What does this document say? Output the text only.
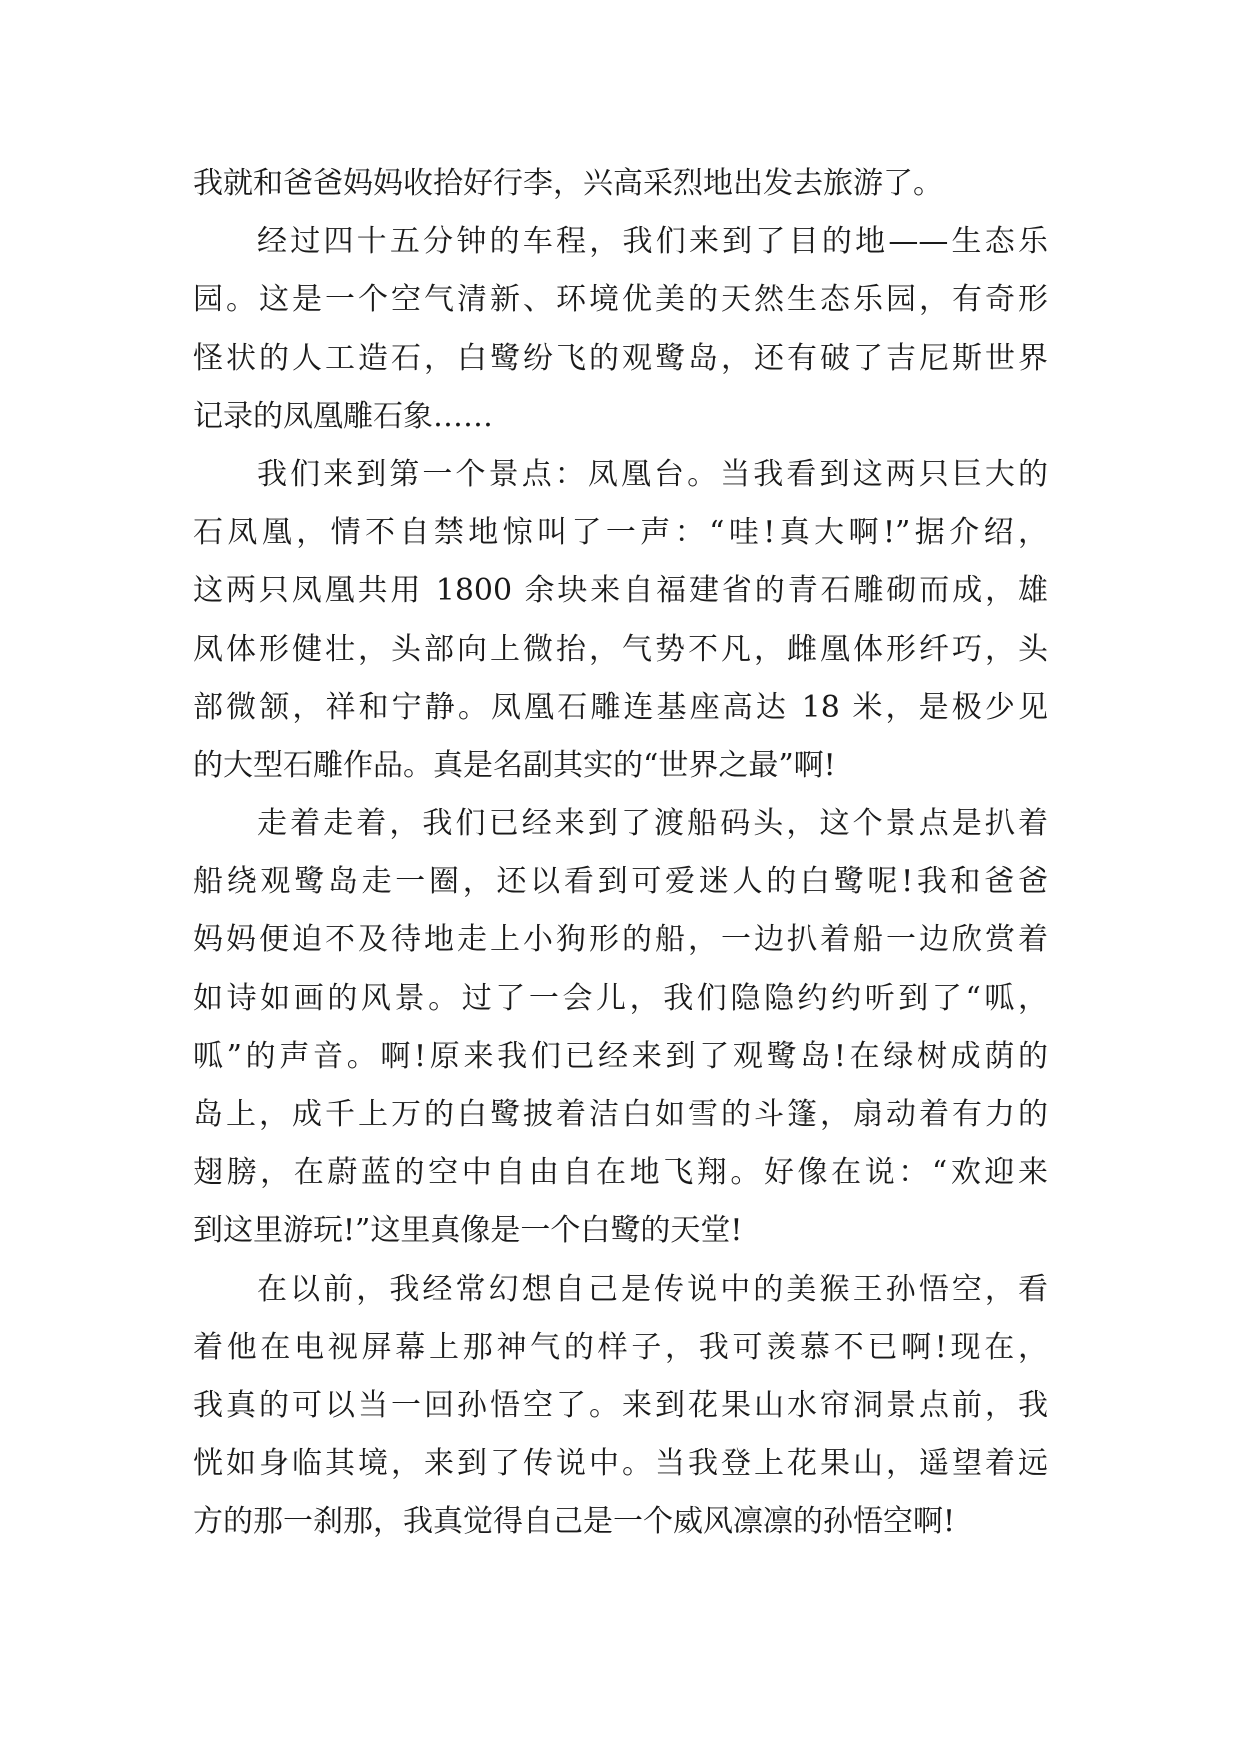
我就和爸爸妈妈收拾好行李，兴高采烈地出发去旅游了。
经过四十五分钟的车程，我们来到了目的地——生态乐
园。这是一个空气清新、环境优美的天然生态乐园，有奇形
怪状的人工造石，白鹭纷飞的观鹭岛，还有破了吉尼斯世界
记录的凤凰雕石象……
我们来到第一个景点：凤凰台。当我看到这两只巨大的
石凤凰，情不自禁地惊叫了一声：“哇!真大啊!”据介绍，
这两只凤凰共用 1800 余块来自福建省的青石雕砌而成，雄
凤体形健壮，头部向上微抬，气势不凡，雌凰体形纤巧，头
部微颔，祥和宁静。凤凰石雕连基座高达 18 米，是极少见
的大型石雕作品。真是名副其实的“世界之最”啊!
走着走着，我们已经来到了渡船码头，这个景点是扒着
船绕观鹭岛走一圈，还以看到可爱迷人的白鹭呢!我和爸爸
妈妈便迫不及待地走上小狗形的船，一边扒着船一边欣赏着
如诗如画的风景。过了一会儿，我们隐隐约约听到了“呱，
呱”的声音。啊!原来我们已经来到了观鹭岛!在绿树成荫的
岛上，成千上万的白鹭披着洁白如雪的斗篷，扇动着有力的
翅膀，在蔚蓝的空中自由自在地飞翔。好像在说：“欢迎来
到这里游玩!”这里真像是一个白鹭的天堂!
在以前，我经常幻想自己是传说中的美猴王孙悟空，看
着他在电视屏幕上那神气的样子，我可羡慕不已啊!现在，
我真的可以当一回孙悟空了。来到花果山水帘洞景点前，我
恍如身临其境，来到了传说中。当我登上花果山，遥望着远
方的那一刹那，我真觉得自己是一个威风凛凛的孙悟空啊!
